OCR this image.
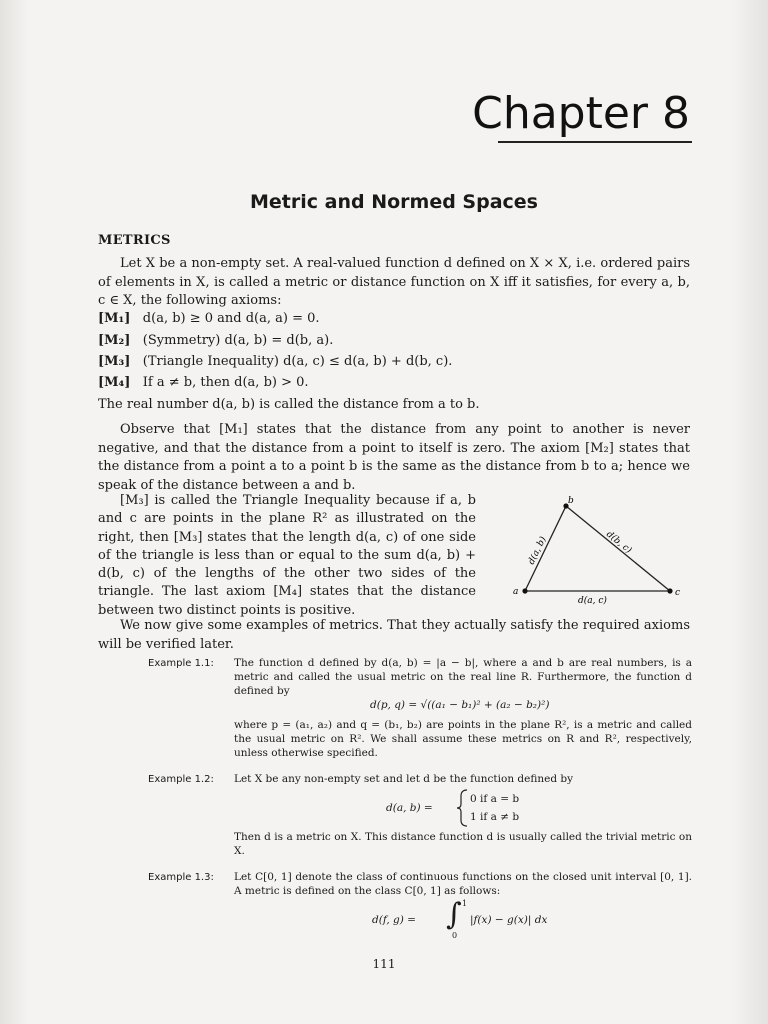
Chapter 8
Metric and Normed Spaces
METRICS

Let X be a non-empty set. A real-valued function d defined on X × X, i.e. ordered pairs of elements in X, is called a metric or distance function on X iff it satisfies, for every a, b, c ∈ X, the following axioms:

[M₁] d(a, b) ≥ 0 and d(a, a) = 0.
[M₂] (Symmetry) d(a, b) = d(b, a).
[M₃] (Triangle Inequality) d(a, c) ≤ d(a, b) + d(b, c).
[M₄] If a ≠ b, then d(a, b) > 0.

The real number d(a, b) is called the distance from a to b.

Observe that [M₁] states that the distance from any point to another is never negative, and that the distance from a point to itself is zero. The axiom [M₂] states that the distance from a point a to a point b is the same as the distance from b to a; hence we speak of the distance between a and b.

[M₃] is called the Triangle Inequality because if a, b and c are points in the plane R² as illustrated on the right, then [M₃] states that the length d(a, c) of one side of the triangle is less than or equal to the sum d(a, b) + d(b, c) of the lengths of the other two sides of the triangle. The last axiom [M₄] states that the distance between two distinct points is positive.

a
b
c
d(a, b)	d(b, c)
d(a, c)

We now give some examples of metrics. That they actually satisfy the required axioms will be verified later.

Example 1.1: The function d defined by d(a, b) = |a − b|, where a and b are real numbers, is a metric and called the usual metric on the real line R. Furthermore, the function d defined by

d(p, q) = √((a₁ − b₁)² + (a₂ − b₂)²)

where p = (a₁, a₂) and q = (b₁, b₂) are points in the plane R², is a metric and called the usual metric on R². We shall assume these metrics on R and R², respectively, unless otherwise specified.

Example 1.2: Let X be any non-empty set and let d be the function defined by

d(a, b) =
0 if a = b
1 if a ≠ b

Then d is a metric on X. This distance function d is usually called the trivial metric on X.

Example 1.3: Let C[0, 1] denote the class of continuous functions on the closed unit interval [0, 1]. A metric is defined on the class C[0, 1] as follows:

d(f, g) = ∫ 1
0
|f(x) − g(x)| dx
111
